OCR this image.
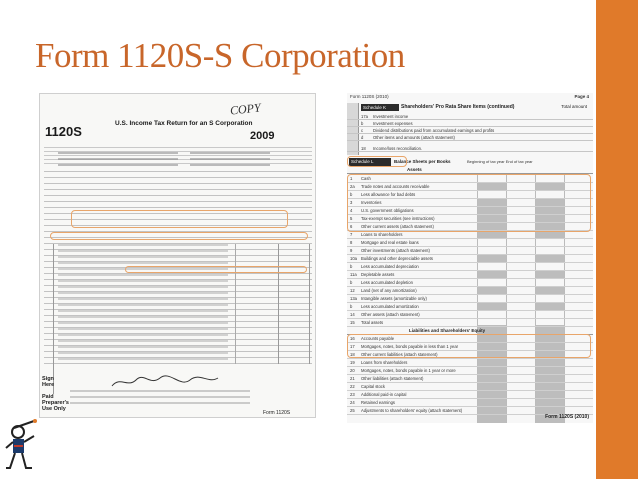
Form 1120S-S Corporation
COPY
1120S
U.S. Income Tax Return for an S Corporation
2009
Sign
Here
Paid
Preparer's
Use Only
Form 1120S
Form 1120S (2010)	Page 4
Schedule K	Shareholders' Pro Rata Share Items (continued)	Total amount
17a Investment income
b Investment expenses
c Dividend distributions paid from accumulated earnings and profits
d Other items and amounts (attach statement)
18 Income/loss reconciliation.
Schedule L	Balance Sheets per Books	Beginning of tax year End of tax year
Assets
1 Cash
2a Trade notes and accounts receivable
b Less allowance for bad debts
3 Inventories
4 U.S. government obligations
5 Tax-exempt securities (see instructions)
6 Other current assets (attach statement)
7 Loans to shareholders
8 Mortgage and real estate loans
9 Other investments (attach statement)
10a Buildings and other depreciable assets
b Less accumulated depreciation
11a Depletable assets
b Less accumulated depletion
12 Land (net of any amortization)
13a Intangible assets (amortizable only)
b Less accumulated amortization
14 Other assets (attach statement)
15 Total assets
Liabilities and Shareholders' Equity
16 Accounts payable
17 Mortgages, notes, bonds payable in less than 1 year
18 Other current liabilities (attach statement)
19 Loans from shareholders
20 Mortgages, notes, bonds payable in 1 year or more
21 Other liabilities (attach statement)
22 Capital stock
23 Additional paid-in capital
24 Retained earnings
25 Adjustments to shareholders' equity (attach statement)
Form 1120S (2010)
